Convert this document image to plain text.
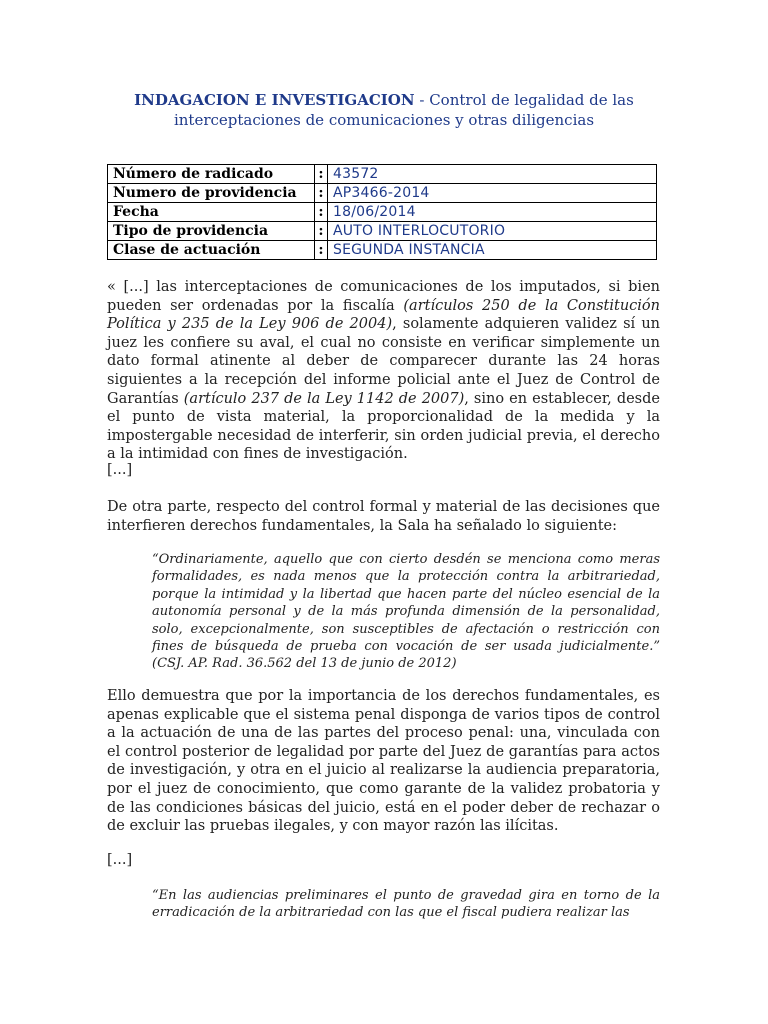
INDAGACION E INVESTIGACION - Control de legalidad de las
interceptaciones de comunicaciones y otras diligencias
Número de radicado	:	43572
Numero de providencia	:	AP3466-2014
Fecha	:	18/06/2014
Tipo de providencia	:	AUTO INTERLOCUTORIO
Clase de actuación	:	SEGUNDA INSTANCIA
« [...] las interceptaciones de comunicaciones de los imputados, si bien pueden ser ordenadas por la fiscalía (artículos 250 de la Constitución Política y 235 de la Ley 906 de 2004), solamente adquieren validez sí un juez les confiere su aval, el cual no consiste en verificar simplemente un dato formal atinente al deber de comparecer durante las 24 horas siguientes a la recepción del informe policial ante el Juez de Control de Garantías (artículo 237 de la Ley 1142 de 2007), sino en establecer, desde el punto de vista material, la proporcionalidad de la medida y la impostergable necesidad de interferir, sin orden judicial previa, el derecho a la intimidad con fines de investigación.
[...]
De otra parte, respecto del control formal y material de las decisiones que interfieren derechos fundamentales, la Sala ha señalado lo siguiente:
“Ordinariamente, aquello que con cierto desdén se menciona como meras formalidades, es nada menos que la protección contra la arbitrariedad, porque la intimidad y la libertad que hacen parte del núcleo esencial de la autonomía personal y de la más profunda dimensión de la personalidad, solo, excepcionalmente, son susceptibles de afectación o restricción con fines de búsqueda de prueba con vocación de ser usada judicialmente.” (CSJ. AP. Rad. 36.562 del 13 de junio de 2012)
Ello demuestra que por la importancia de los derechos fundamentales, es apenas explicable que el sistema penal disponga de varios tipos de control a la actuación de una de las partes del proceso penal: una, vinculada con el control posterior de legalidad por parte del Juez de garantías para actos de investigación, y otra en el juicio al realizarse la audiencia preparatoria, por el juez de conocimiento, que como garante de la validez probatoria y de las condiciones básicas del juicio, está en el poder deber de rechazar o de excluir las pruebas ilegales, y con mayor razón las ilícitas.
[...]
“En las audiencias preliminares el punto de gravedad gira en torno de la erradicación de la arbitrariedad con las que el fiscal pudiera realizar las
